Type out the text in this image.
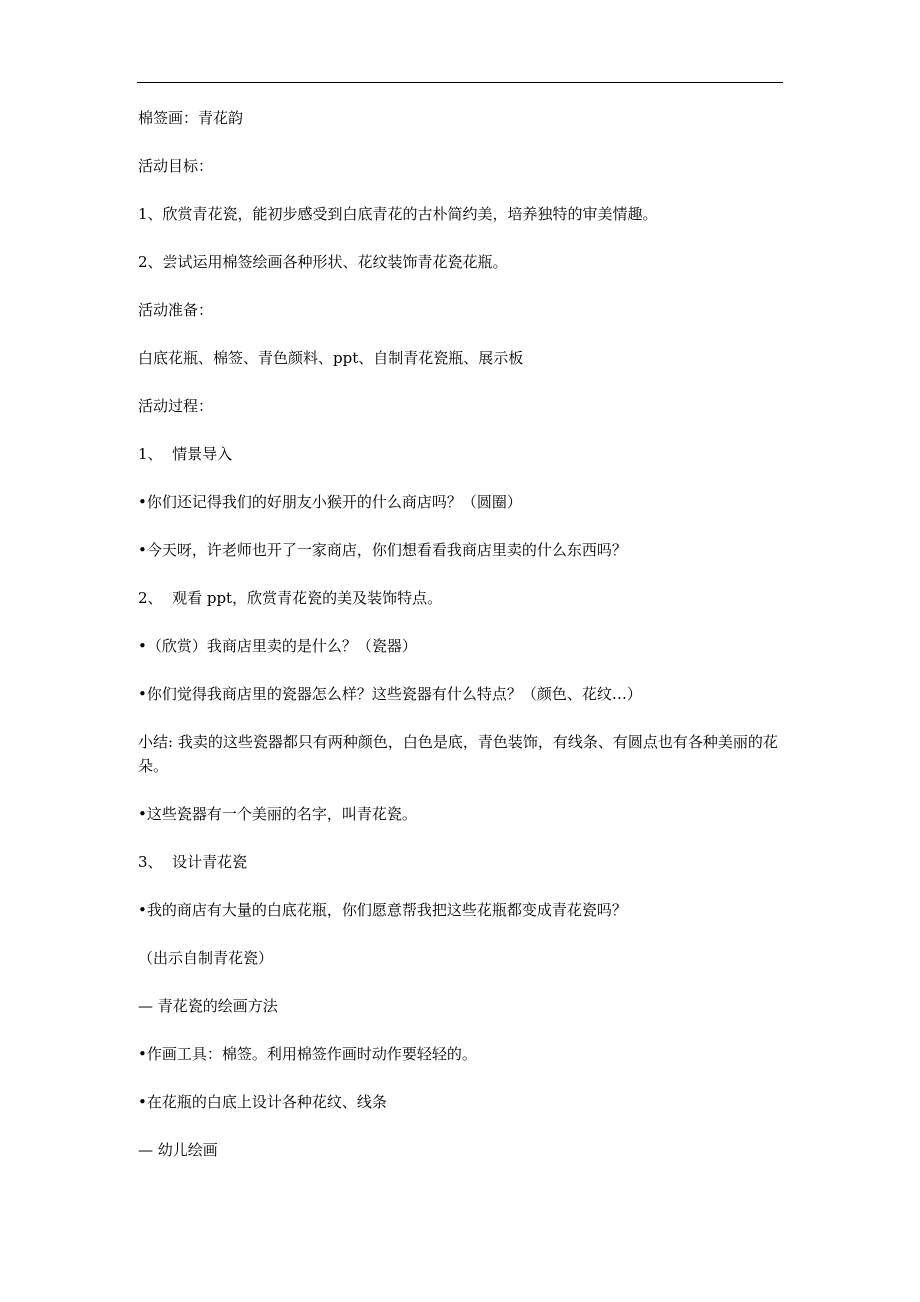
棉签画：青花韵

活动目标：

1、欣赏青花瓷，能初步感受到白底青花的古朴简约美，培养独特的审美情趣。

2、尝试运用棉签绘画各种形状、花纹装饰青花瓷花瓶。

活动准备：

白底花瓶、棉签、青色颜料、ppt、自制青花瓷瓶、展示板

活动过程：

1、  情景导入

•你们还记得我们的好朋友小猴开的什么商店吗？（圆圈）

•今天呀，许老师也开了一家商店，你们想看看我商店里卖的什么东西吗？

2、  观看 ppt，欣赏青花瓷的美及装饰特点。

•（欣赏）我商店里卖的是什么？（瓷器）

•你们觉得我商店里的瓷器怎么样？这些瓷器有什么特点？（颜色、花纹…）

小结: 我卖的这些瓷器都只有两种颜色，白色是底，青色装饰，有线条、有圆点也有各种美丽的花朵。

•这些瓷器有一个美丽的名字，叫青花瓷。

3、  设计青花瓷

•我的商店有大量的白底花瓶，你们愿意帮我把这些花瓶都变成青花瓷吗？

（出示自制青花瓷）

— 青花瓷的绘画方法

•作画工具：棉签。利用棉签作画时动作要轻轻的。

•在花瓶的白底上设计各种花纹、线条

— 幼儿绘画
